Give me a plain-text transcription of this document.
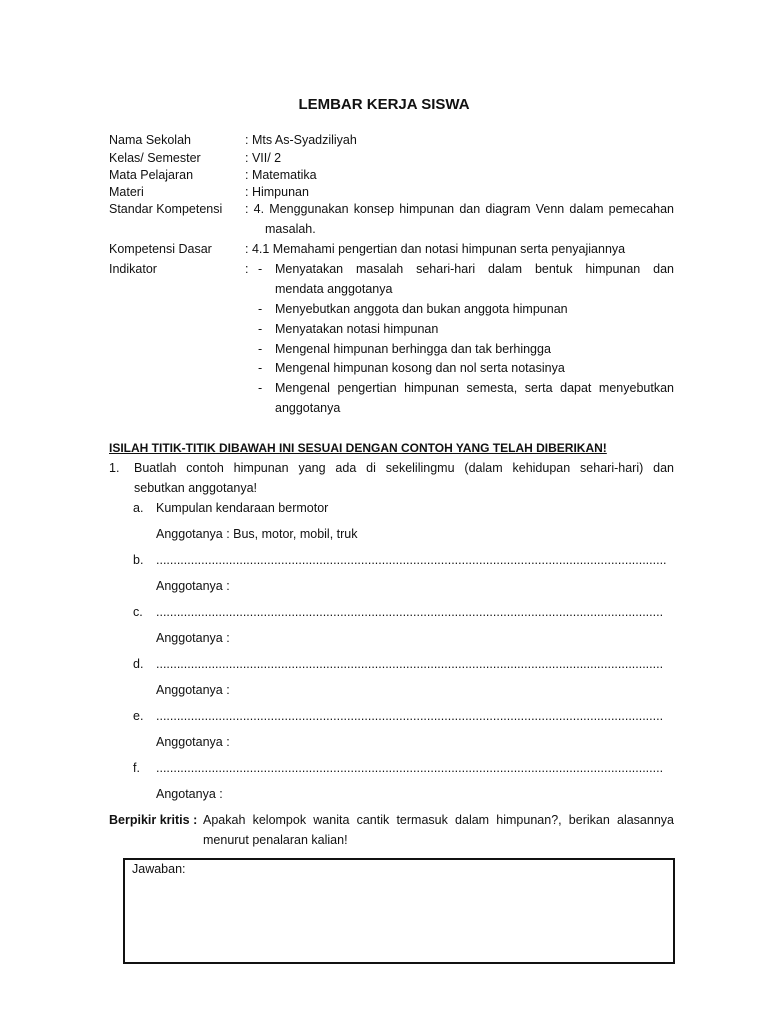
LEMBAR KERJA SISWA
Nama Sekolah	: Mts As-Syadziliyah
Kelas/ Semester	: VII/ 2
Mata Pelajaran	: Matematika
Materi	: Himpunan
Standar Kompetensi : 4. Menggunakan konsep himpunan dan diagram Venn dalam pemecahan
masalah.
Kompetensi Dasar	: 4.1 Memahami pengertian dan notasi himpunan serta penyajiannya
Indikator	: - Menyatakan masalah sehari-hari dalam bentuk himpunan dan
mendata anggotanya
- Menyebutkan anggota dan bukan anggota himpunan
- Menyatakan notasi himpunan
- Mengenal himpunan berhingga dan tak berhingga
- Mengenal himpunan kosong dan nol serta notasinya
- Mengenal pengertian himpunan semesta, serta dapat menyebutkan
anggotanya
ISILAH TITIK-TITIK DIBAWAH INI SESUAI DENGAN CONTOH YANG TELAH DIBERIKAN!
1. Buatlah contoh himpunan yang ada di sekelilingmu (dalam kehidupan sehari-hari) dan
sebutkan anggotanya!
a. Kumpulan kendaraan bermotor
Anggotanya : Bus, motor, mobil, truk
b. ...................................................................................................................................................
Anggotanya :
c. ..................................................................................................................................................
Anggotanya :
d. ..................................................................................................................................................
Anggotanya :
e. ..................................................................................................................................................
Anggotanya :
f. ..................................................................................................................................................
Angotanya :
Berpikir kritis : Apakah kelompok wanita cantik termasuk dalam himpunan?, berikan alasannya
menurut penalaran kalian!
Jawaban:
